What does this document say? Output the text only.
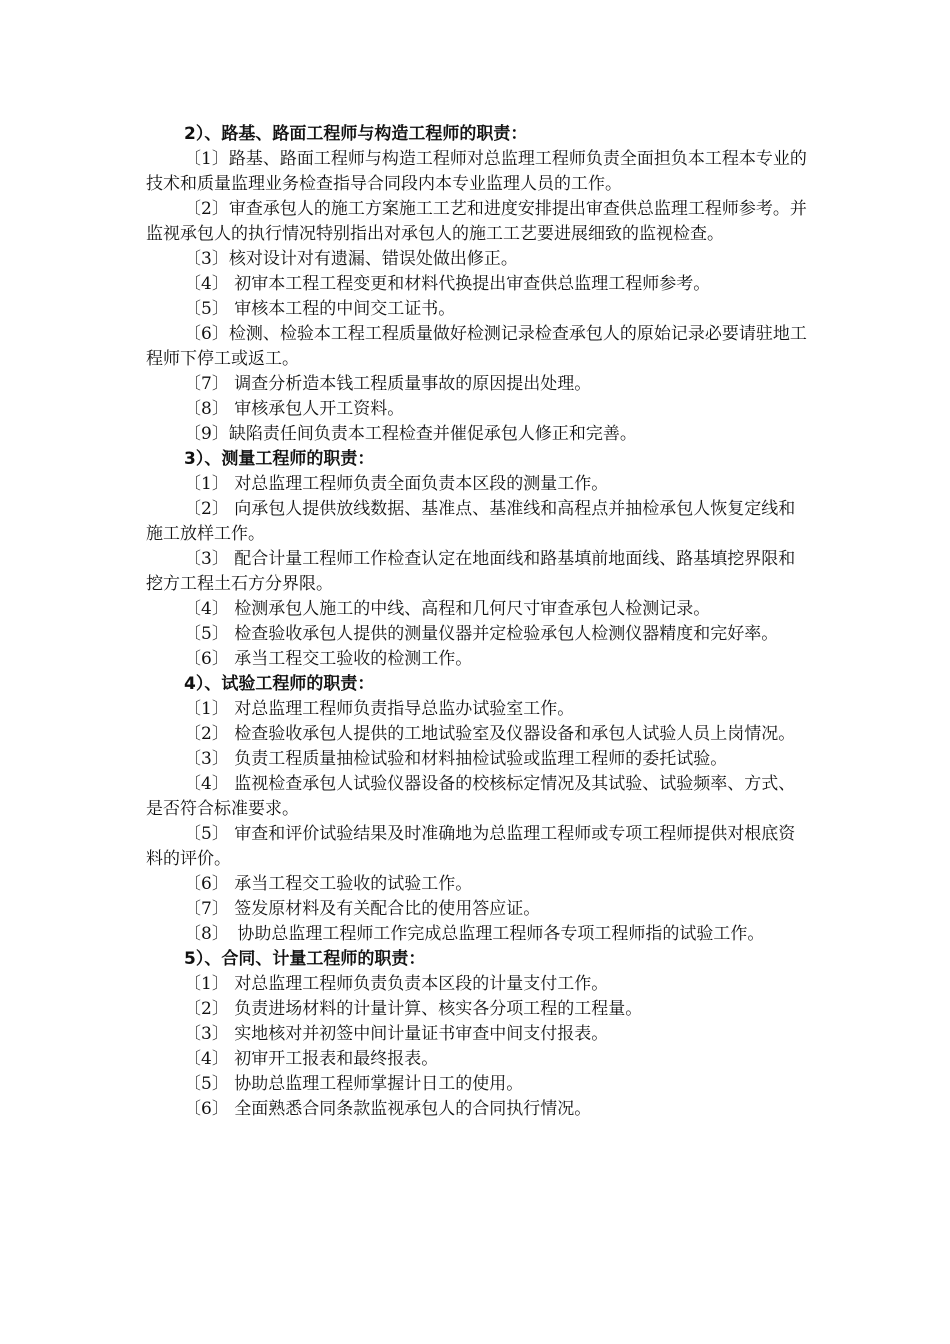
2）、路基、路面工程师与构造工程师的职责：

〔1〕路基、路面工程师与构造工程师对总监理工程师负责全面担负本工程本专业的技术和质量监理业务检查指导合同段内本专业监理人员的工作。

〔2〕审查承包人的施工方案施工工艺和进度安排提出审查供总监理工程师参考。并监视承包人的执行情况特别指出对承包人的施工工艺要进展细致的监视检查。

〔3〕核对设计对有遗漏、错误处做出修正。

〔4〕 初审本工程工程变更和材料代换提出审查供总监理工程师参考。

〔5〕 审核本工程的中间交工证书。

〔6〕检测、检验本工程工程质量做好检测记录检查承包人的原始记录必要请驻地工程师下停工或返工。

〔7〕 调查分析造本钱工程质量事故的原因提出处理。

〔8〕 审核承包人开工资料。

〔9〕缺陷责任间负责本工程检查并催促承包人修正和完善。

3）、测量工程师的职责：

〔1〕 对总监理工程师负责全面负责本区段的测量工作。

〔2〕 向承包人提供放线数据、基准点、基准线和高程点并抽检承包人恢复定线和施工放样工作。

〔3〕 配合计量工程师工作检查认定在地面线和路基填前地面线、路基填挖界限和挖方工程土石方分界限。

〔4〕 检测承包人施工的中线、高程和几何尺寸审查承包人检测记录。

〔5〕 检查验收承包人提供的测量仪器并定检验承包人检测仪器精度和完好率。

〔6〕 承当工程交工验收的检测工作。

4）、试验工程师的职责：

〔1〕 对总监理工程师负责指导总监办试验室工作。

〔2〕 检查验收承包人提供的工地试验室及仪器设备和承包人试验人员上岗情况。

〔3〕 负责工程质量抽检试验和材料抽检试验或监理工程师的委托试验。

〔4〕 监视检查承包人试验仪器设备的校核标定情况及其试验、试验频率、方式、是否符合标准要求。

〔5〕 审查和评价试验结果及时准确地为总监理工程师或专项工程师提供对根底资料的评价。

〔6〕 承当工程交工验收的试验工作。

〔7〕 签发原材料及有关配合比的使用答应证。

〔8〕　协助总监理工程师工作完成总监理工程师各专项工程师指的试验工作。

5）、合同、计量工程师的职责：

〔1〕 对总监理工程师负责负责本区段的计量支付工作。

〔2〕 负责进场材料的计量计算、核实各分项工程的工程量。

〔3〕 实地核对并初签中间计量证书审查中间支付报表。

〔4〕 初审开工报表和最终报表。

〔5〕 协助总监理工程师掌握计日工的使用。

〔6〕 全面熟悉合同条款监视承包人的合同执行情况。
